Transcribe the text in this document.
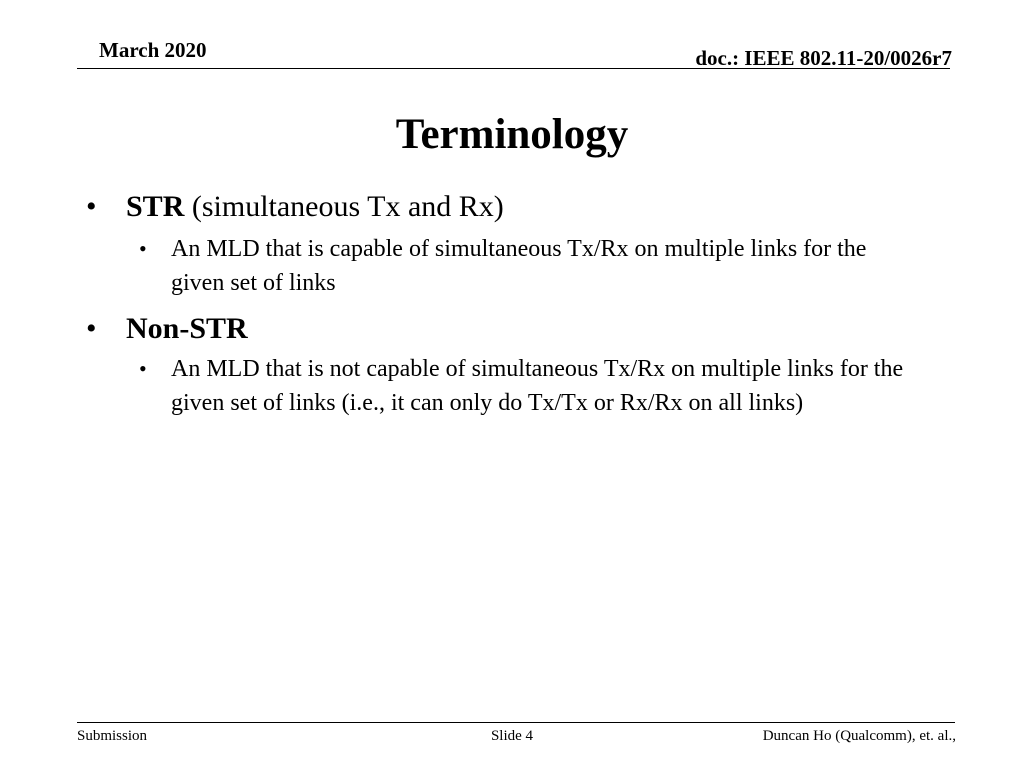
March 2020	doc.: IEEE 802.11-20/0026r7
Terminology
• STR (simultaneous Tx and Rx)
• An MLD that is capable of simultaneous Tx/Rx on multiple links for the given set of links
• Non-STR
• An MLD that is not capable of simultaneous Tx/Rx on multiple links for the given set of links (i.e., it can only do Tx/Tx or Rx/Rx on all links)
Submission	Slide 4	Duncan Ho (Qualcomm), et. al.,
